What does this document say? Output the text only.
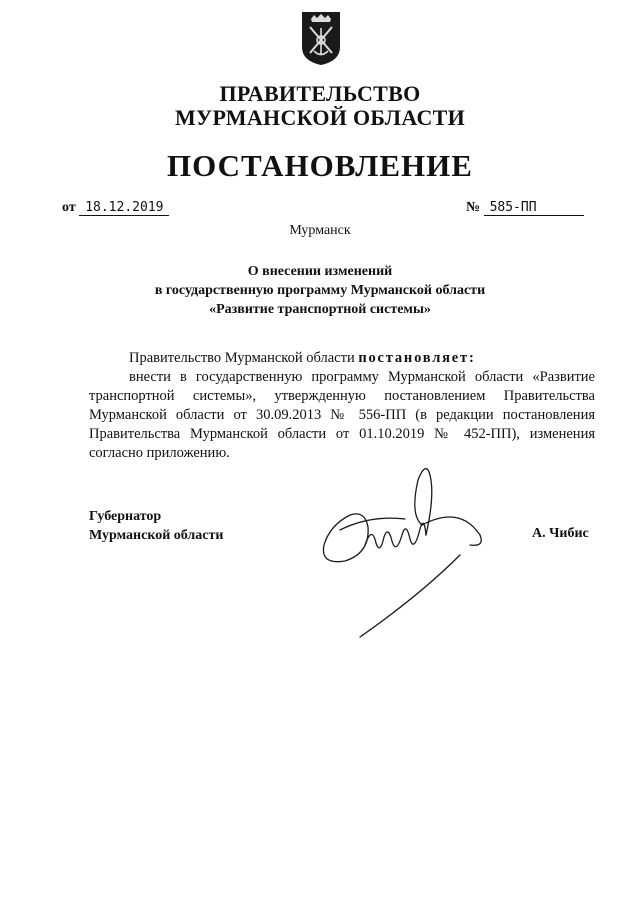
ПРАВИТЕЛЬСТВО
МУРМАНСКОЙ ОБЛАСТИ
ПОСТАНОВЛЕНИЕ
от 18.12.2019	№ 585-ПП
Мурманск
О внесении изменений
в государственную программу Мурманской области
«Развитие транспортной системы»

Правительство Мурманской области постановляет:

внести в государственную программу Мурманской области «Развитие транспортной системы», утвержденную постановлением Правительства Мурманской области от 30.09.2013 № 556-ПП (в редакции постановления Правительства Мурманской области от 01.10.2019 № 452-ПП), изменения согласно приложению.

Губернатор
Мурманской области	А. Чибис
